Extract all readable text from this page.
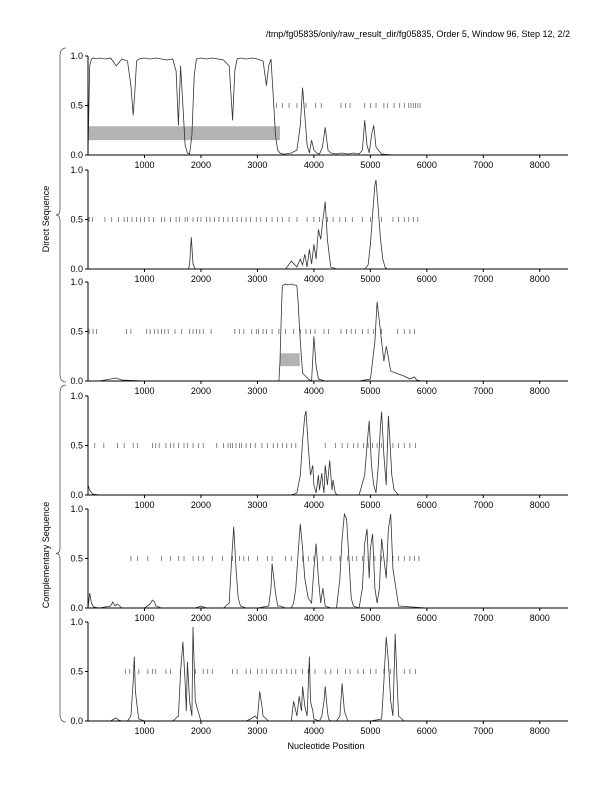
/tmp/fg05835/only/raw_result_dir/fg05835, Order 5, Window 96, Step 12, 2/2
Direct Sequence
Complementary Sequence
0.0
0.5
1.0
1000	2000	3000	4000	5000	6000	7000	8000
0.0
0.5
1.0
1000	2000	3000	4000	5000	6000	7000	8000
0.0
0.5
1.0
1000	2000	3000	4000	5000	6000	7000	8000
0.0
0.5
1.0
1000	2000	3000	4000	5000	6000	7000	8000
0.0
0.5
1.0
1000	2000	3000	4000	5000	6000	7000	8000
0.0
0.5
1.0
1000	2000	3000	4000	5000	6000	7000	8000
Nucleotide Position
